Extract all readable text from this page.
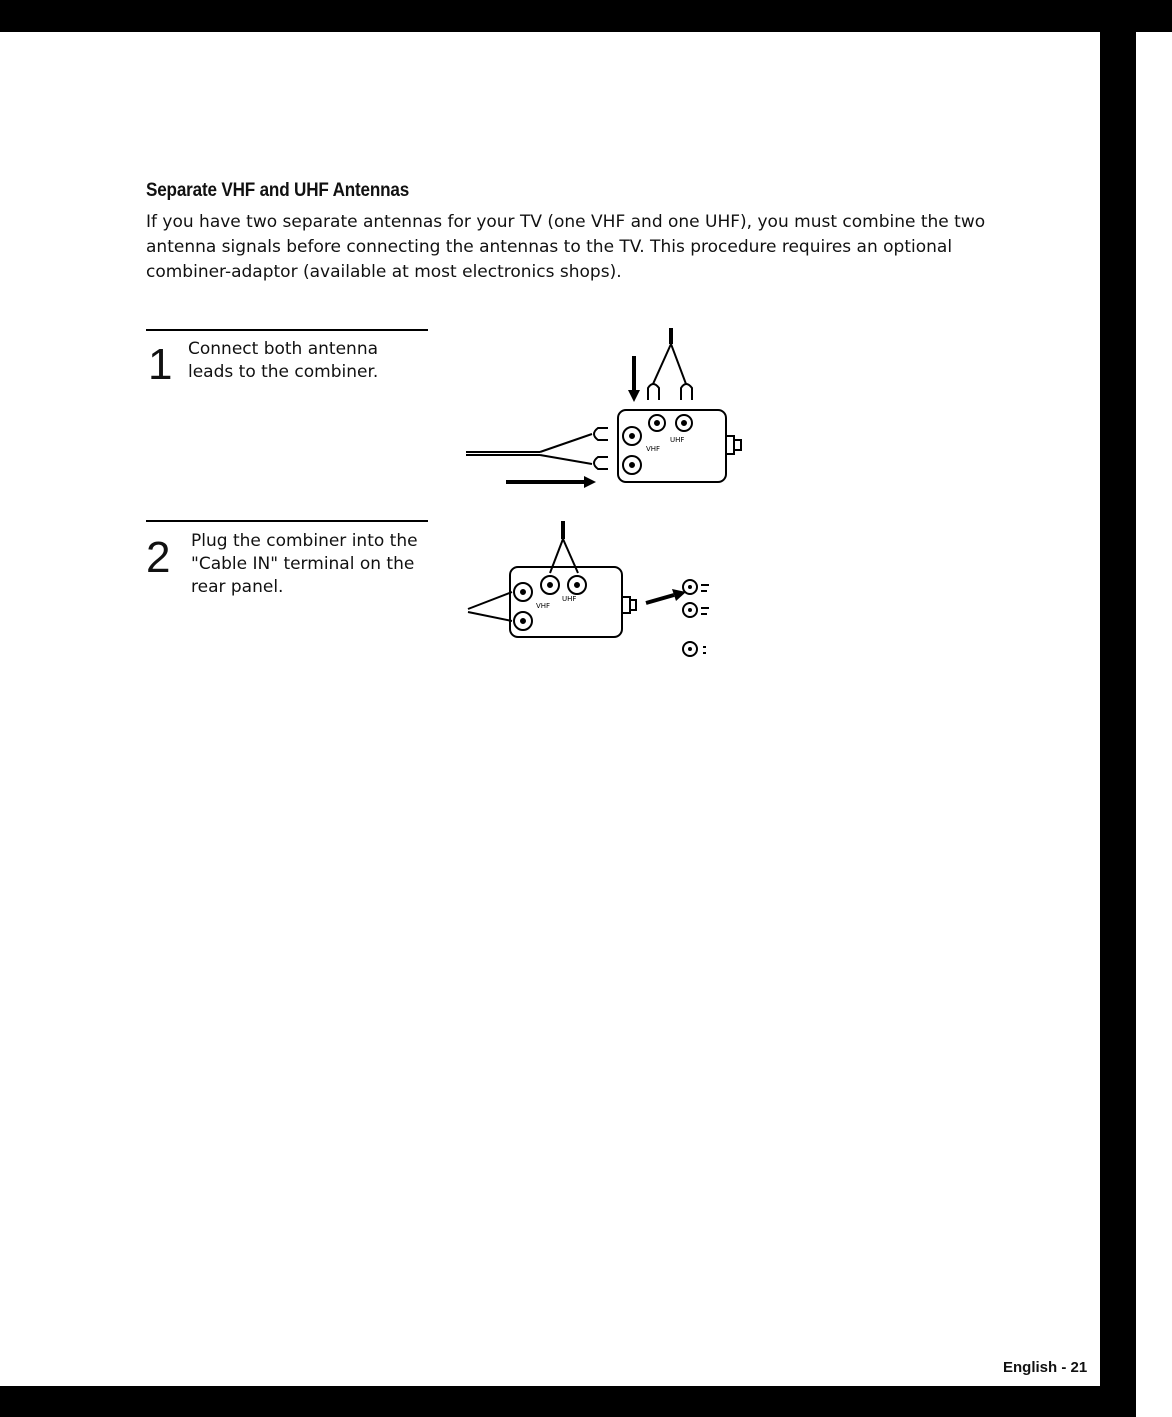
Separate VHF and UHF Antennas

If you have two separate antennas for your TV (one VHF and one UHF), you must combine the two antenna signals before connecting the antennas to the TV. This procedure requires an optional combiner-adaptor (available at most electronics shops).

1 Connect both antenna leads to the combiner.

VHF
UHF
2 Plug the combiner into the "Cable IN" terminal on the rear panel.

VHF
UHF
English - 21
